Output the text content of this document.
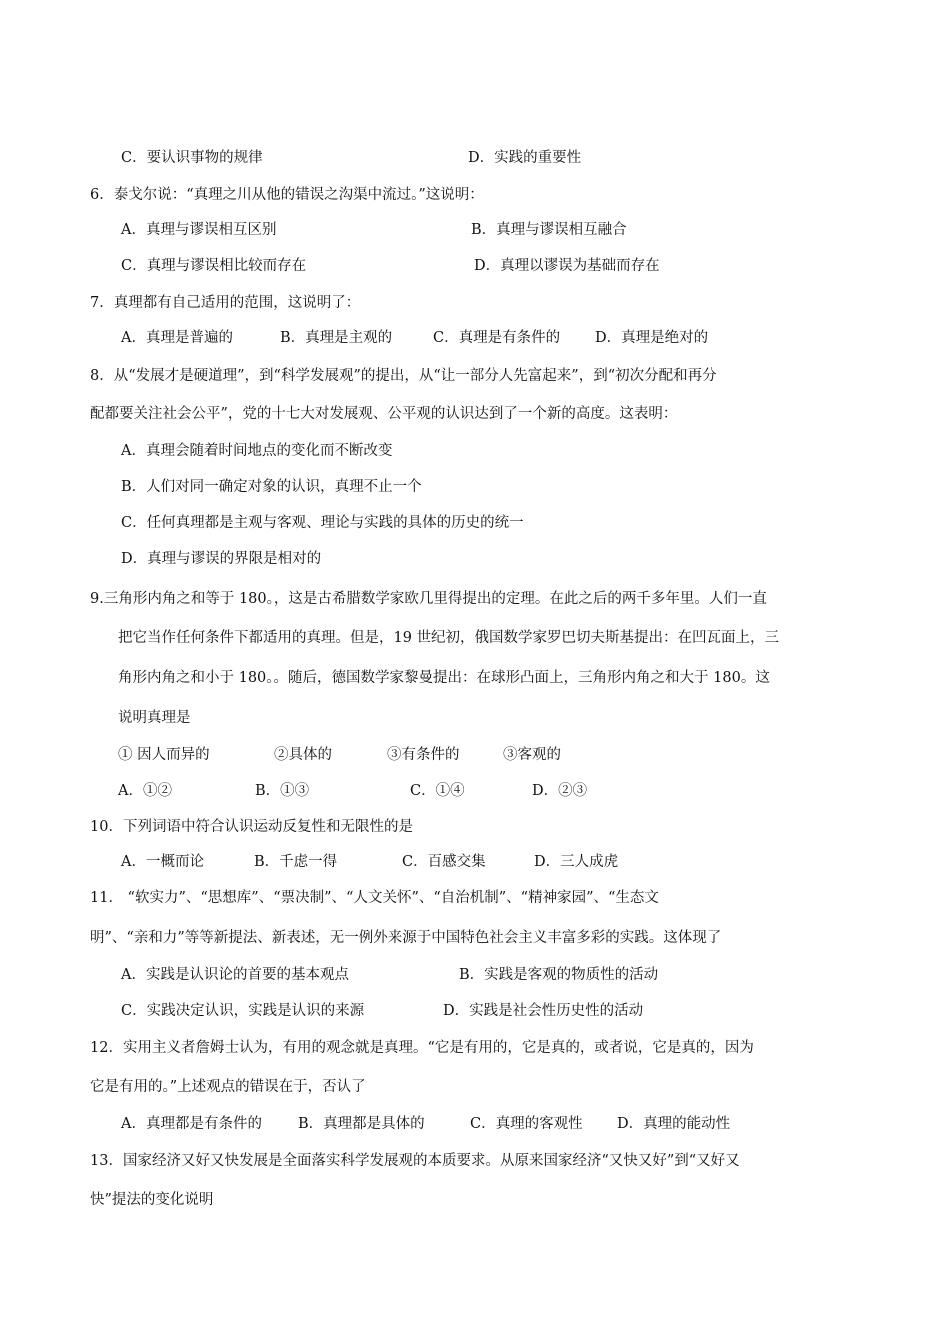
C．要认识事物的规律	D．实践的重要性
6．泰戈尔说：“真理之川从他的错误之沟渠中流过。”这说明：
A．真理与谬误相互区别	B．真理与谬误相互融合
C．真理与谬误相比较而存在	D．真理以谬误为基础而存在
7．真理都有自己适用的范围，这说明了：
A．真理是普遍的	B．真理是主观的	C．真理是有条件的 D．真理是绝对的
8．从“发展才是硬道理”，到“科学发展观”的提出，从“让一部分人先富起来”，到“初次分配和再分
配都要关注社会公平”，党的十七大对发展观、公平观的认识达到了一个新的高度。这表明：
A．真理会随着时间地点的变化而不断改变
B．人们对同一确定对象的认识，真理不止一个
C．任何真理都是主观与客观、理论与实践的具体的历史的统一
D．真理与谬误的界限是相对的
9.三角形内角之和等于 180。，这是古希腊数学家欧几里得提出的定理。在此之后的两千多年里。人们一直
把它当作任何条件下都适用的真理。但是，19 世纪初，俄国数学家罗巴切夫斯基提出：在凹瓦面上，三
角形内角之和小于 180。。随后，德国数学家黎曼提出：在球形凸面上，三角形内角之和大于 180。这
说明真理是
① 因人而异的	②具体的	③有条件的	③客观的
A．①②	B．①③	C．①④	D．②③
10．下列词语中符合认识运动反复性和无限性的是
A．一概而论	B．千虑一得	C．百感交集	D．三人成虎
11． “软实力”、“思想库”、“票决制”、“人文关怀”、“自治机制”、“精神家园”、“生态文
明”、“亲和力”等等新提法、新表述，无一例外来源于中国特色社会主义丰富多彩的实践。这体现了
A．实践是认识论的首要的基本观点	B．实践是客观的物质性的活动
C．实践决定认识，实践是认识的来源	D．实践是社会性历史性的活动
12．实用主义者詹姆士认为，有用的观念就是真理。“它是有用的，它是真的，或者说，它是真的，因为
它是有用的。”上述观点的错误在于，否认了
A．真理都是有条件的 B．真理都是具体的	C．真理的客观性 D．真理的能动性
13．国家经济又好又快发展是全面落实科学发展观的本质要求。从原来国家经济“又快又好”到“又好又
快”提法的变化说明
